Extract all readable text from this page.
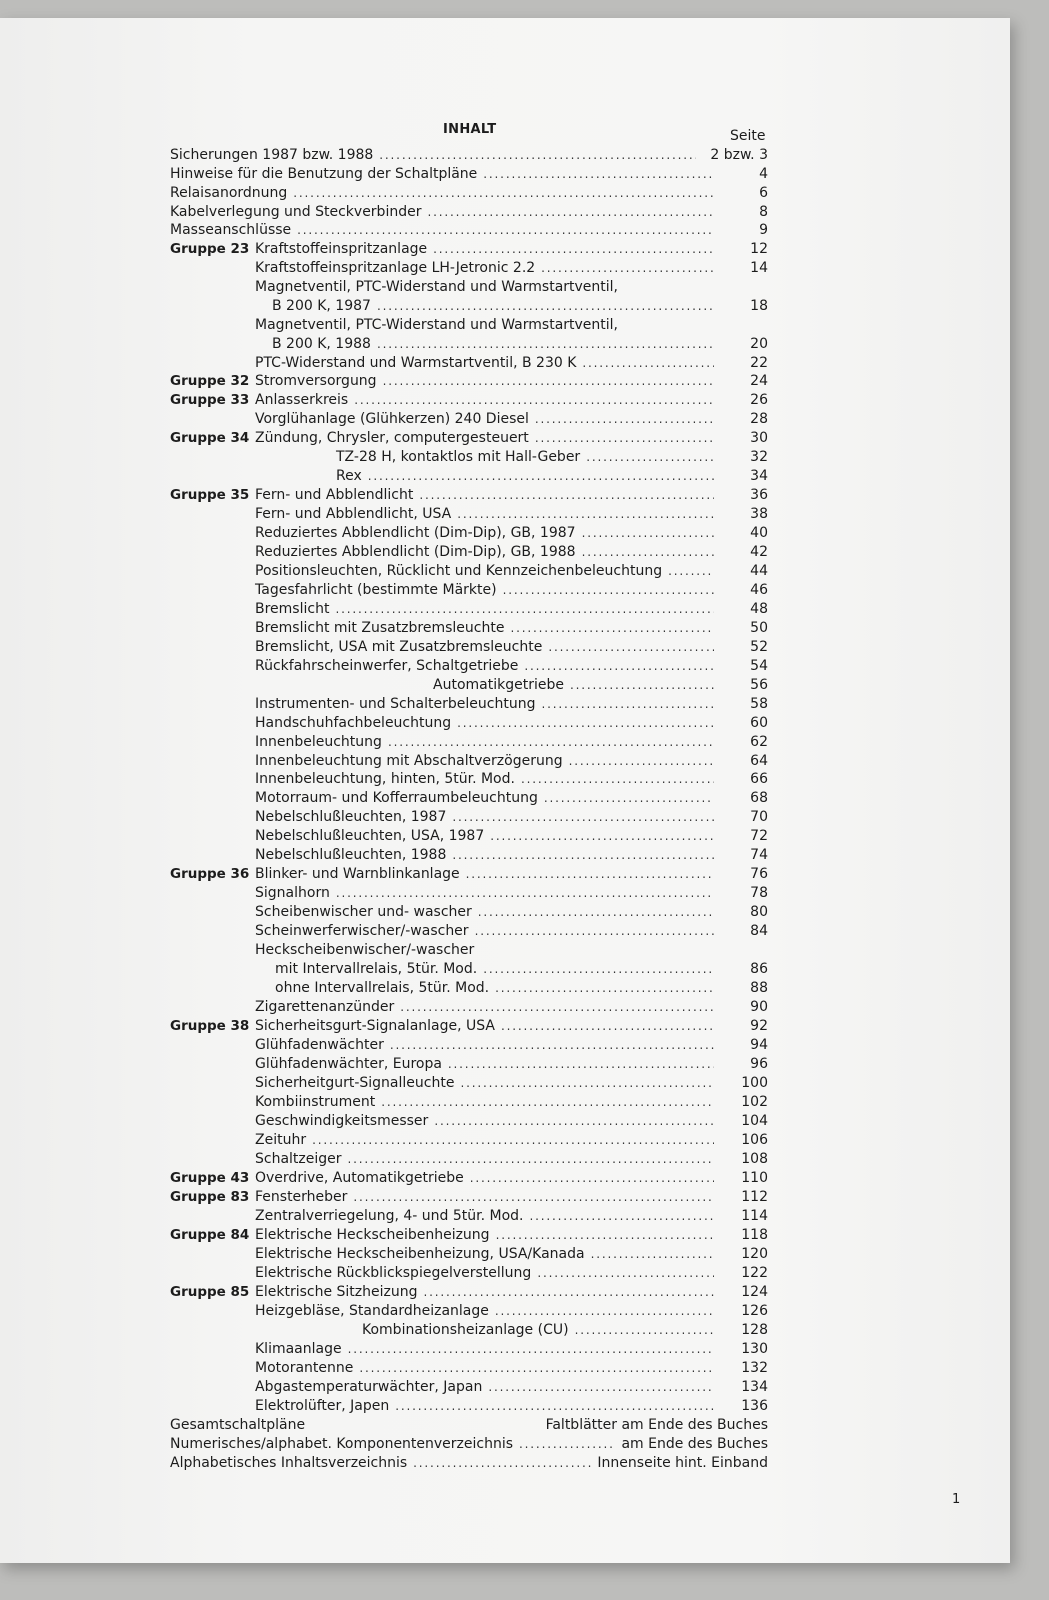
INHALT	Seite
Sicherungen 1987 bzw. 1988 . . .	2 bzw. 3
Hinweise für die Benutzung der Schaltpläne . . .	4
Relaisanordnung . . .	6
Kabelverlegung und Steckverbinder . . .	8
Masseanschlüsse . . .	9
Gruppe 23 Kraftstoffeinspritzanlage . . .	12
Kraftstoffeinspritzanlage LH-Jetronic 2.2 . . .	14
Magnetventil, PTC-Widerstand und Warmstartventil,
B 200 K, 1987 . . .	18
Magnetventil, PTC-Widerstand und Warmstartventil,
B 200 K, 1988 . . .	20
PTC-Widerstand und Warmstartventil, B 230 K . . .	22
Gruppe 32 Stromversorgung . . .	24
Gruppe 33 Anlasserkreis . . .	26
Vorglühanlage (Glühkerzen) 240 Diesel . . .	28
Gruppe 34 Zündung, Chrysler, computergesteuert . . .	30
TZ-28 H, kontaktlos mit Hall-Geber . . .	32
Rex . . .	34
Gruppe 35 Fern- und Abblendlicht . . .	36
Fern- und Abblendlicht, USA . . .	38
Reduziertes Abblendlicht (Dim-Dip), GB, 1987 . . .	40
Reduziertes Abblendlicht (Dim-Dip), GB, 1988 . . .	42
Positionsleuchten, Rücklicht und Kennzeichenbeleuchtung . . .	44
Tagesfahrlicht (bestimmte Märkte) . . .	46
Bremslicht . . .	48
Bremslicht mit Zusatzbremsleuchte . . .	50
Bremslicht, USA mit Zusatzbremsleuchte . . .	52
Rückfahrscheinwerfer, Schaltgetriebe . . .	54
Automatikgetriebe . . .	56
Instrumenten- und Schalterbeleuchtung . . .	58
Handschuhfachbeleuchtung . . .	60
Innenbeleuchtung . . .	62
Innenbeleuchtung mit Abschaltverzögerung . . .	64
Innenbeleuchtung, hinten, 5tür. Mod. . . .	66
Motorraum- und Kofferraumbeleuchtung . . .	68
Nebelschlußleuchten, 1987 . . .	70
Nebelschlußleuchten, USA, 1987 . . .	72
Nebelschlußleuchten, 1988 . . .	74
Gruppe 36 Blinker- und Warnblinkanlage . . .	76
Signalhorn . . .	78
Scheibenwischer und- wascher . . .	80
Scheinwerferwischer/-wascher . . .	84
Heckscheibenwischer/-wascher
mit Intervallrelais, 5tür. Mod. . . .	86
ohne Intervallrelais, 5tür. Mod. . . .	88
Zigarettenanzünder . . .	90
Gruppe 38 Sicherheitsgurt-Signalanlage, USA . . .	92
Glühfadenwächter . . .	94
Glühfadenwächter, Europa . . .	96
Sicherheitgurt-Signalleuchte . . .	100
Kombiinstrument . . .	102
Geschwindigkeitsmesser . . .	104
Zeituhr . . .	106
Schaltzeiger . . .	108
Gruppe 43 Overdrive, Automatikgetriebe . . .	110
Gruppe 83 Fensterheber . . .	112
Zentralverriegelung, 4- und 5tür. Mod. . . .	114
Gruppe 84 Elektrische Heckscheibenheizung . . .	118
Elektrische Heckscheibenheizung, USA/Kanada . . .	120
Elektrische Rückblickspiegelverstellung . . .	122
Gruppe 85 Elektrische Sitzheizung . . .	124
Heizgebläse, Standardheizanlage . . .	126
Kombinationsheizanlage (CU) . . .	128
Klimaanlage . . .	130
Motorantenne . . .	132
Abgastemperaturwächter, Japan . . .	134
Elektrolüfter, Japen . . .	136
Gesamtschaltpläne	Faltblätter am Ende des Buches
Numerisches/alphabet. Komponentenverzeichnis . . .	am Ende des Buches
Alphabetisches Inhaltsverzeichnis . . .	Innenseite hint. Einband
1
